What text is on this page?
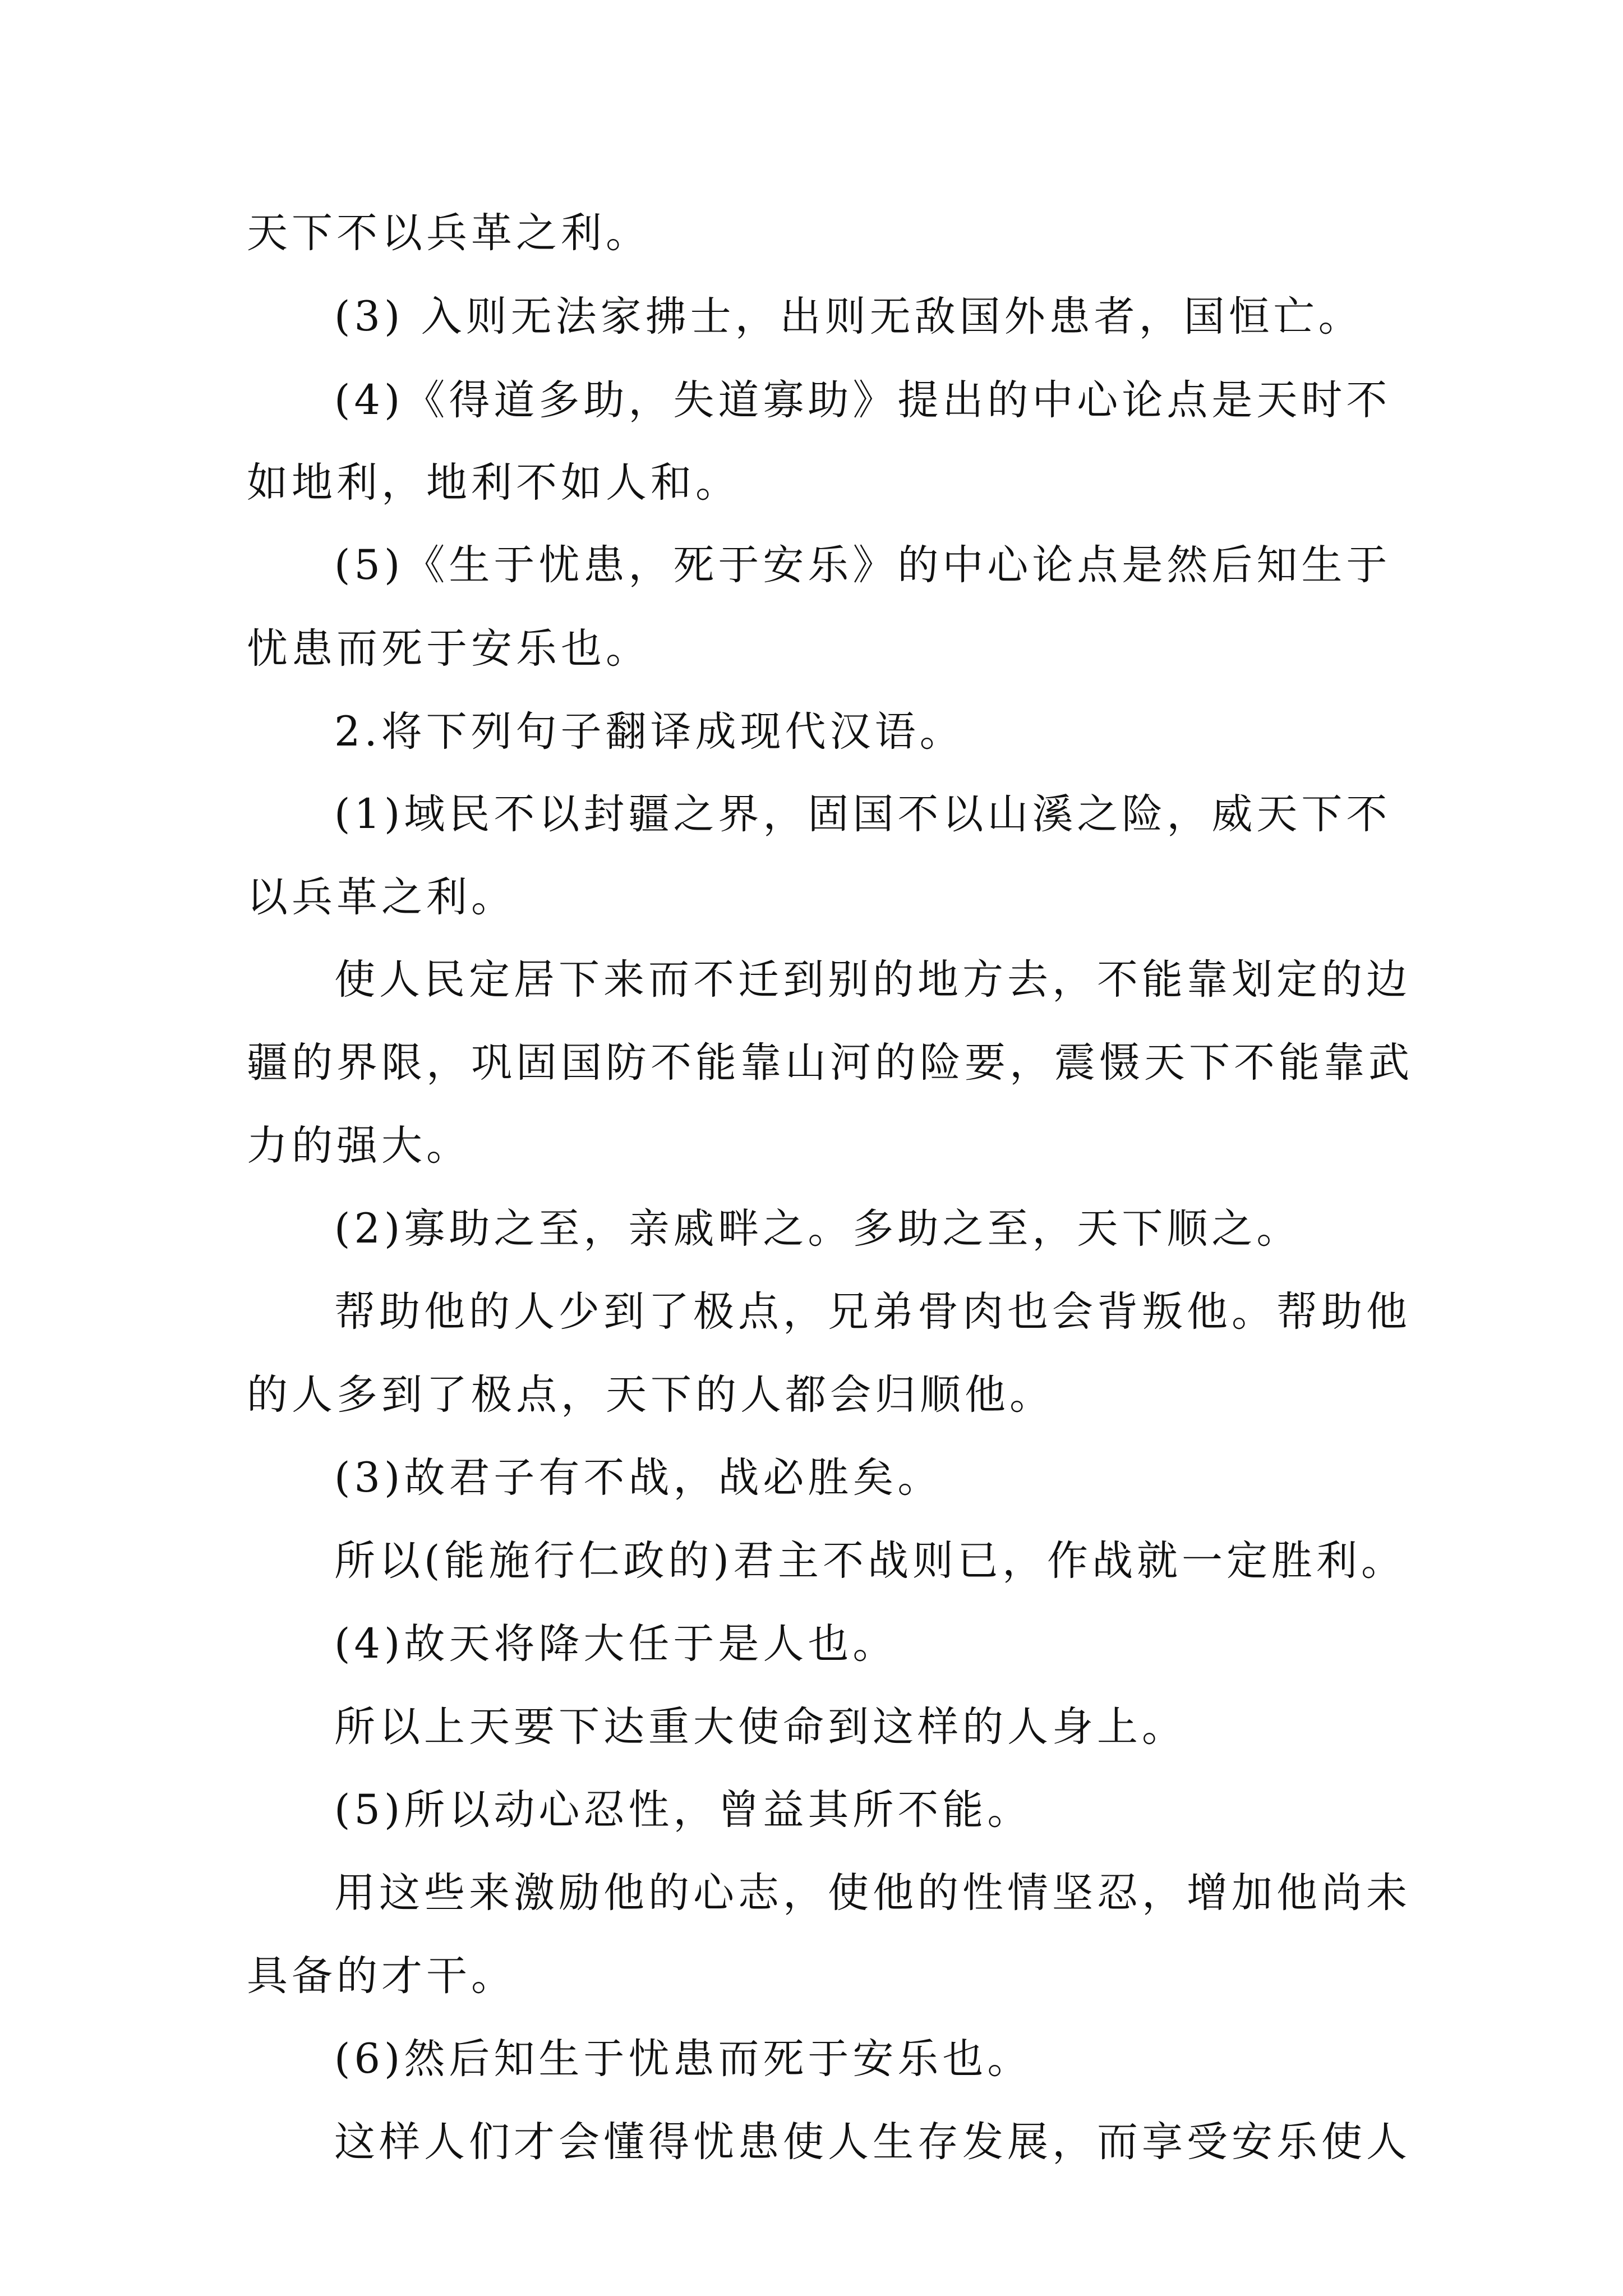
天下不以兵革之利。
(3) 入则无法家拂士，出则无敌国外患者，国恒亡。
(4)《得道多助，失道寡助》提出的中心论点是天时不
如地利，地利不如人和。
(5)《生于忧患，死于安乐》的中心论点是然后知生于
忧患而死于安乐也。
2.将下列句子翻译成现代汉语。
(1)域民不以封疆之界，固国不以山溪之险，威天下不
以兵革之利。
使人民定居下来而不迁到别的地方去，不能靠划定的边
疆的界限，巩固国防不能靠山河的险要，震慑天下不能靠武
力的强大。
(2)寡助之至，亲戚畔之。多助之至，天下顺之。
帮助他的人少到了极点，兄弟骨肉也会背叛他。帮助他
的人多到了极点，天下的人都会归顺他。
(3)故君子有不战，战必胜矣。
所以(能施行仁政的)君主不战则已，作战就一定胜利。
(4)故天将降大任于是人也。
所以上天要下达重大使命到这样的人身上。
(5)所以动心忍性，曾益其所不能。
用这些来激励他的心志，使他的性情坚忍，增加他尚未
具备的才干。
(6)然后知生于忧患而死于安乐也。
这样人们才会懂得忧患使人生存发展，而享受安乐使人
